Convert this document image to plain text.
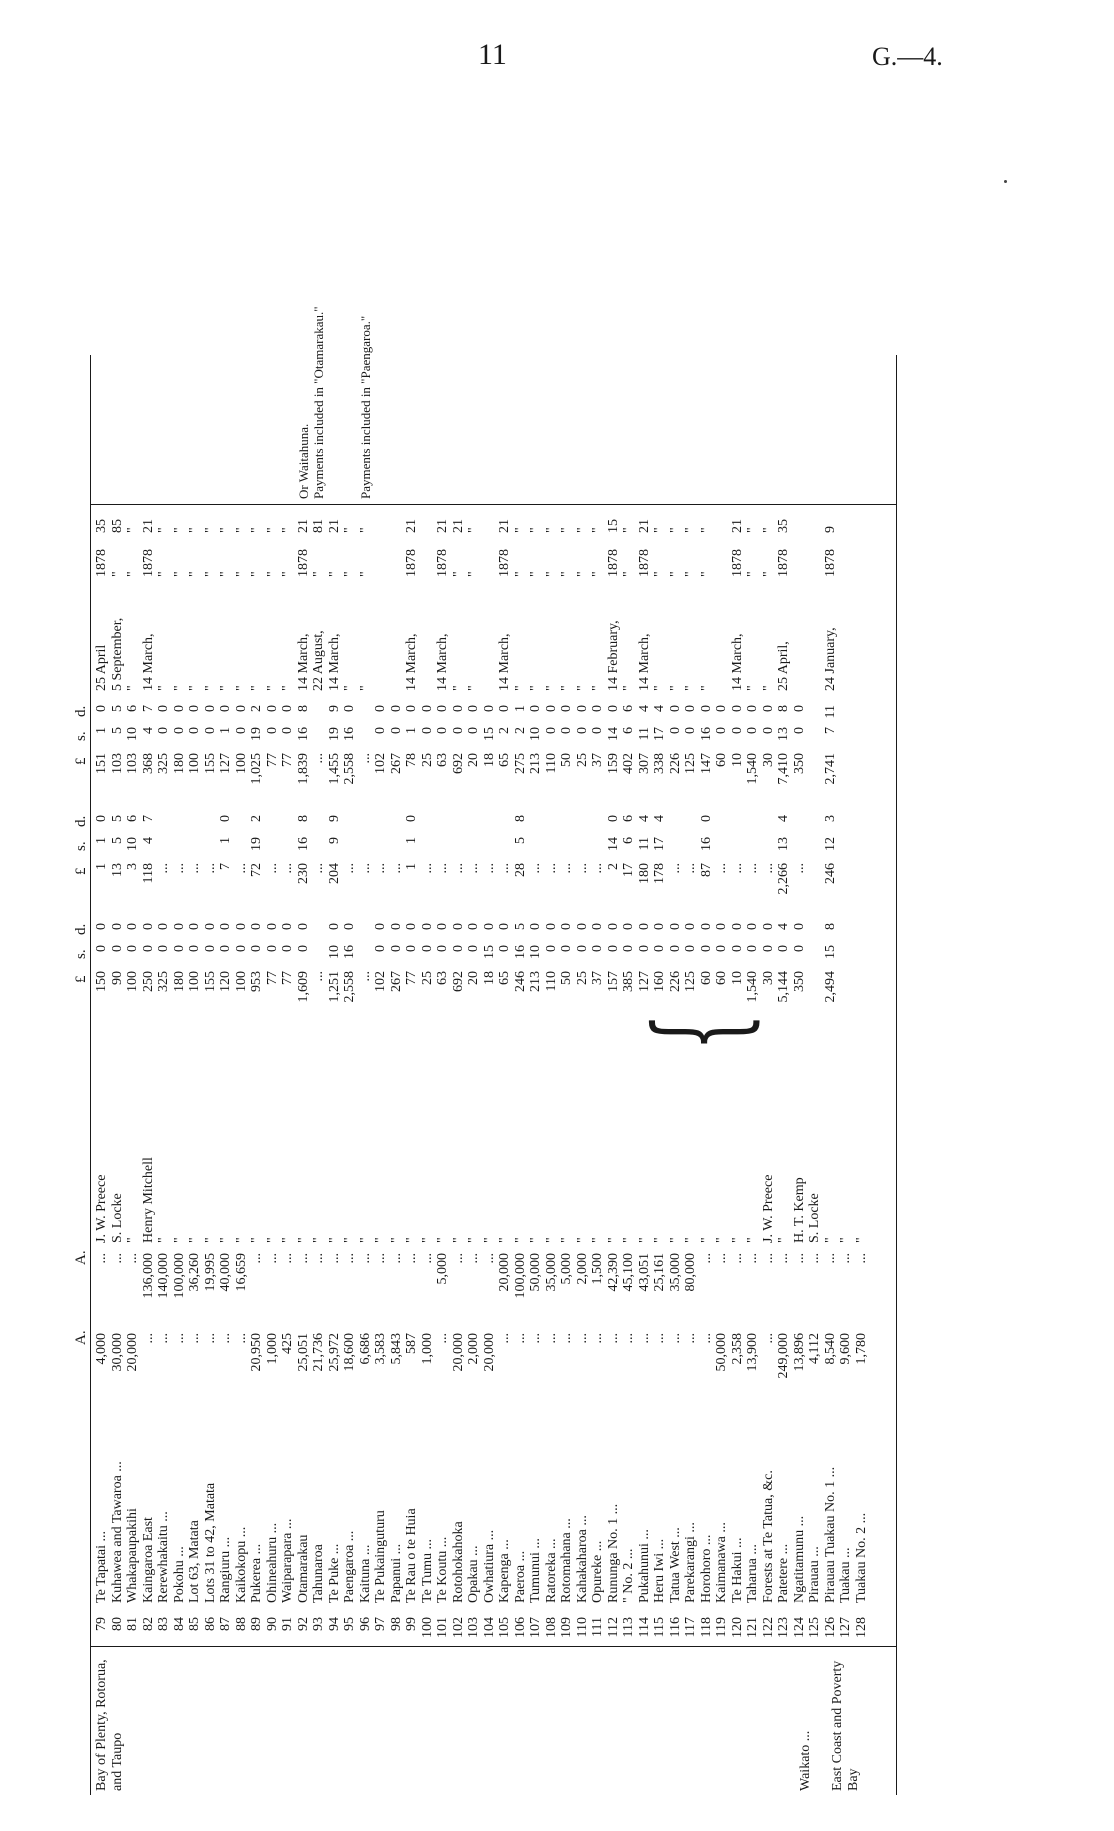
11	G.—4.
A.
A.
£
s.
d.
£
s.
d.
£
s.
d.
79
Te Tapatai ...
4,000
...
J. W. Preece
150
0
0
1
1
0
151
1
0
25 April
1878
35
80
Kuhawea and Tawaroa ...
30,000
...
S. Locke
90
0
0
13
5
5
103
5
5
5 September,
"
85
81
Whakapaupakihi
20,000
...
"
100
0
0
3
10
6
103
10
6
"
"
"
82
Kaingaroa East
...
136,000
Henry Mitchell
250
0
0
118
4
7
368
4
7
14 March,
1878
21
83
Rerewhakaitu ...
...
140,000
"
325
0
0
...
325
0
0
"
"
"
84
Pokohu ...
...
100,000
"
180
0
0
...
180
0
0
"
"
"
85
Lot 63, Matata
...
36,260
"
100
0
0
...
100
0
0
"
"
"
86
Lots 31 to 42, Matata
...
19,995
"
155
0
0
...
155
0
0
"
"
"
87
Rangiuru ...
...
40,000
"
120
0
0
7
1
0
127
1
0
"
"
"
88
Kaikokopu ...
...
16,659
"
100
0
0
...
100
0
0
"
"
"
89
Pukerea ...
20,950
...
"
953
0
0
72
19
2
1,025
19
2
"
"
"
90
Ohineahuru ...
1,000
...
"
77
0
0
...
77
0
0
"
"
"
91
Waiparapara ...
425
...
"
77
0
0
...
77
0
0
"
"
"
92
Otamarakau
25,051
...
"
1,609
0
0
230
16
8
1,839
16
8
14 March,
1878
21
Or Waitahuna.
93
Tahunaroa
21,736
...
"
...
...
...
22 August,
"
81
Payments included in "Otamarakau."
94
Te Puke ...
25,972
...
"
1,251
10
0
204
9
9
1,455
19
9
14 March,
"
21
95
Paengaroa ...
18,600
...
"
2,558
16
0
...
2,558
16
0
"
"
"
96
Kaituna ...
6,686
...
"
...
...
...
"
"
"
Payments included in "Paengaroa."
97
Te Pukainguturu
3,583
...
"
102
0
0
...
102
0
0
98
Papanui ...
5,843
...
"
267
0
0
...
267
0
0
99
Te Rau o te Huia
587
...
"
77
0
0
1
1
0
78
1
0
14 March,
1878
21
100
Te Tumu ...
1,000
...
"
25
0
0
...
25
0
0
101
Te Koutu ...
...
5,000
"
63
0
0
...
63
0
0
14 March,
1878
21
102
Rotohokahoka
20,000
...
"
692
0
0
...
692
0
0
"
"
21
103
Opakau ...
2,000
...
"
20
0
0
...
20
0
0
"
"
"
104
Owhatiura ...
20,000
...
"
18
15
0
...
18
15
0
105
Kapenga ...
...
20,000
"
65
0
0
...
65
2
0
14 March,
1878
21
106
Paeroa ...
...
100,000
"
246
16
5
28
5
8
275
2
1
"
"
"
107
Tumunui ...
...
50,000
"
213
10
0
...
213
10
0
"
"
"
108
Ratoreka ...
...
35,000
"
110
0
0
...
110
0
0
"
"
"
109
Rotomahana ...
...
5,000
"
50
0
0
...
50
0
0
"
"
"
110
Kahakaharoa ...
...
2,000
"
25
0
0
...
25
0
0
"
"
"
111
Opureke ...
...
1,500
"
37
0
0
...
37
0
0
"
"
"
112
Rununga No. 1 ...
...
42,390
"
157
0
0
2
14
0
159
14
0
14 February,
1878
15
113
" No. 2 ...
...
45,100
"
385
0
0
17
6
6
402
6
6
"
"
"
114
Pukahunui ...
...
43,051
"
127
0
0
180
11
4
307
11
4
14 March,
1878
21
115
Heru Iwi ...
...
25,161
"
160
0
0
178
17
4
338
17
4
"
"
"
116
Tatua West ...
...
35,000
"
226
0
0
...
226
0
0
"
"
"
117
Parekarangi ...
...
80,000
"
125
0
0
...
125
0
0
"
"
"
118
Horohoro ...
...
...
"
60
0
0
87
16
0
147
16
0
"
"
"
119
Kaimanawa ...
50,000
...
"
60
0
0
...
60
0
0
120
Te Hakui ...
2,358
...
"
10
0
0
...
10
0
0
14 March,
1878
21
121
Taharua ...
13,900
...
"
1,540
0
0
...
1,540
0
0
"
"
"
122
Forests at Te Tatua, &c.
...
...
J. W. Preece
30
0
0
...
30
0
0
"
"
"
123
Patetere ...
249,000
...
"
5,144
0
4
2,266
13
4
7,410
13
8
25 April,
1878
35
124
Ngatitamunu ...
13,896
...
H. T. Kemp
350
0
0
...
350
0
0
125
Pirauau ...
4,112
...
S. Locke
126
Pirauau Tuakau No. 1 ...
8,540
...
"
2,494
15
8
246
12
3
2,741
7
11
24 January,
1878
9
127
Tuakau ...
9,600
...
"
128
Tuakau No. 2 ...
1,780
...
"
Bay of Plenty, Rotorua, and Taupo	Waikato ... East Coast and Poverty Bay
{
